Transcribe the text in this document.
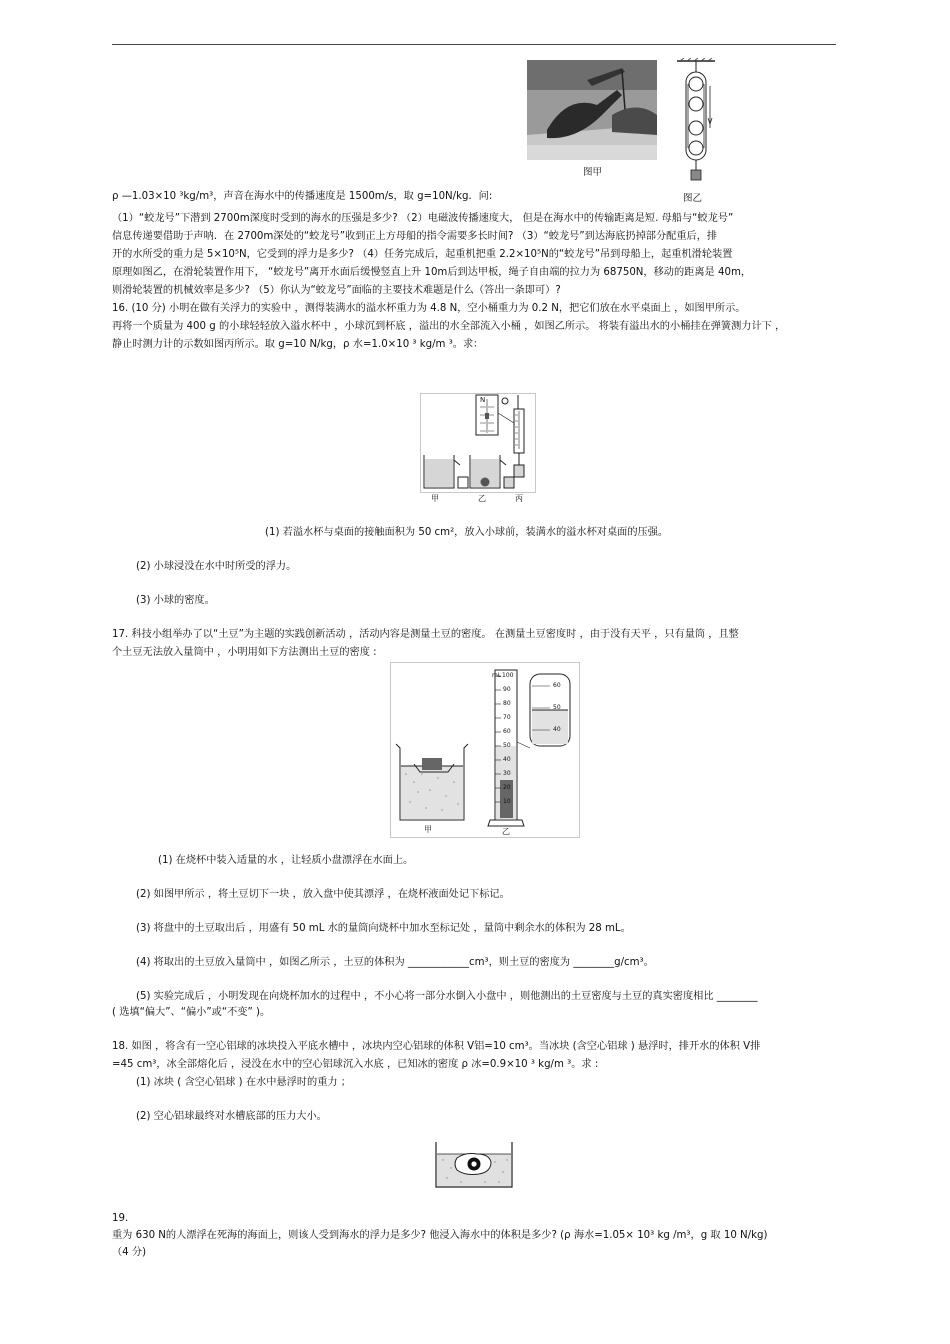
图甲
图乙
ρ —1.03×10 ³kg/m³，声音在海水中的传播速度是 1500m/s，取 g=10N/kg．问:
（1）“蛟龙号”下潜到 2700m深度时受到的海水的压强是多少? （2）电磁波传播速度大， 但是在海水中的传输距离是短. 母船与“蛟龙号”
信息传递要借助于声呐．在 2700m深处的“蛟龙号”收到正上方母船的指令需要多长时间? （3）“蛟龙号”到达海底扔掉部分配重后，排
开的水所受的重力是 5×10⁵N，它受到的浮力是多少? （4）任务完成后，起重机把重 2.2×10⁵N的“蛟龙号”吊到母船上，起重机滑轮装置
原理如图乙，在滑轮装置作用下， “蛟龙号”离开水面后缓慢竖直上升 10m后到达甲板，绳子自由端的拉力为 68750N，移动的距离是 40m，
则滑轮装置的机械效率是多少? （5）你认为“蛟龙号”面临的主要技术难题是什么（答出一条即可）?
16. (10 分) 小明在做有关浮力的实验中 ，测得装满水的溢水杯重力为 4.8 N，空小桶重力为 0.2 N，把它们放在水平桌面上 ，如图甲所示。
再将一个质量为 400 g 的小球轻轻放入溢水杯中 ，小球沉到杯底 ，溢出的水全部流入小桶 ，如图乙所示。 将装有溢出水的小桶挂在弹簧测力计下 ，
静止时测力计的示数如图丙所示。取 g=10 N/kg，ρ 水=1.0×10 ³ kg/m ³。求：
N
甲	乙	丙
(1) 若溢水杯与桌面的接触面积为 50 cm²，放入小球前，装满水的溢水杯对桌面的压强。
(2) 小球浸没在水中时所受的浮力。
(3) 小球的密度。
17. 科技小组举办了以“土豆”为主题的实践创新活动 ，活动内容是测量土豆的密度。 在测量土豆密度时 ，由于没有天平 ，只有量筒 ，且整
个土豆无法放入量筒中 ，小明用如下方法测出土豆的密度 :
mL 100
90
80
70
60
50
40
30
20
10
60
50
40
甲	乙
(1) 在烧杯中装入适量的水 ，让轻质小盘漂浮在水面上。
(2) 如图甲所示 ，将土豆切下一块 ，放入盘中使其漂浮 ，在烧杯液面处记下标记。
(3) 将盘中的土豆取出后 ，用盛有 50 mL 水的量筒向烧杯中加水至标记处 ，量筒中剩余水的体积为 28 mL。
(4) 将取出的土豆放入量筒中 ，如图乙所示 ，土豆的体积为 ____________cm³，则土豆的密度为 ________g/cm³。
(5) 实验完成后 ，小明发现在向烧杯加水的过程中 ，不小心将一部分水倒入小盘中 ，则他测出的土豆密度与土豆的真实密度相比 ________
( 选填“偏大”、“偏小”或“不变” )。
18. 如图 ，将含有一空心铝球的冰块投入平底水槽中 ，冰块内空心铝球的体积 V铝=10 cm³。当冰块 (含空心铝球 ) 悬浮时，排开水的体积 V排
=45 cm³，冰全部熔化后 ，浸没在水中的空心铝球沉入水底 ，已知冰的密度 ρ 冰=0.9×10 ³ kg/m ³。求 :
(1) 冰块 ( 含空心铝球 ) 在水中悬浮时的重力 ；
(2) 空心铝球最终对水槽底部的压力大小。
19.
重为 630 N的人漂浮在死海的海面上，则该人受到海水的浮力是多少? 他浸入海水中的体积是多少? (ρ 海水=1.05× 10³ kg /m³，g 取 10 N/kg)
（4 分)
